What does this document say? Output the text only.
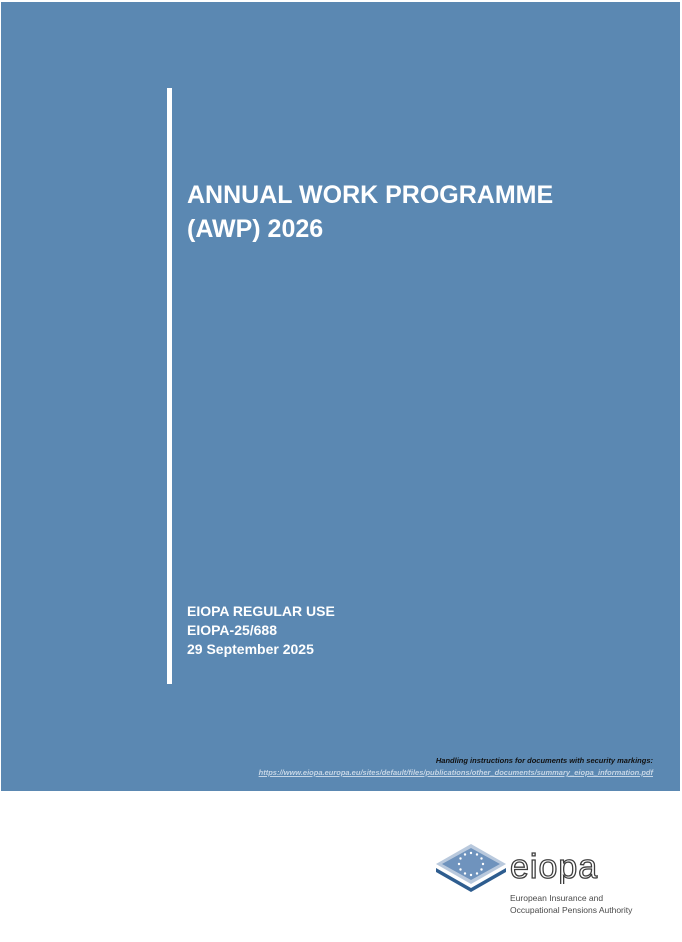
ANNUAL WORK PROGRAMME
(AWP) 2026
EIOPA REGULAR USE
EIOPA-25/688
29 September 2025
Handling instructions for documents with security markings:
https://www.eiopa.europa.eu/sites/default/files/publications/other_documents/summary_eiopa_information.pdf
eiopa
European Insurance and
Occupational Pensions Authority
